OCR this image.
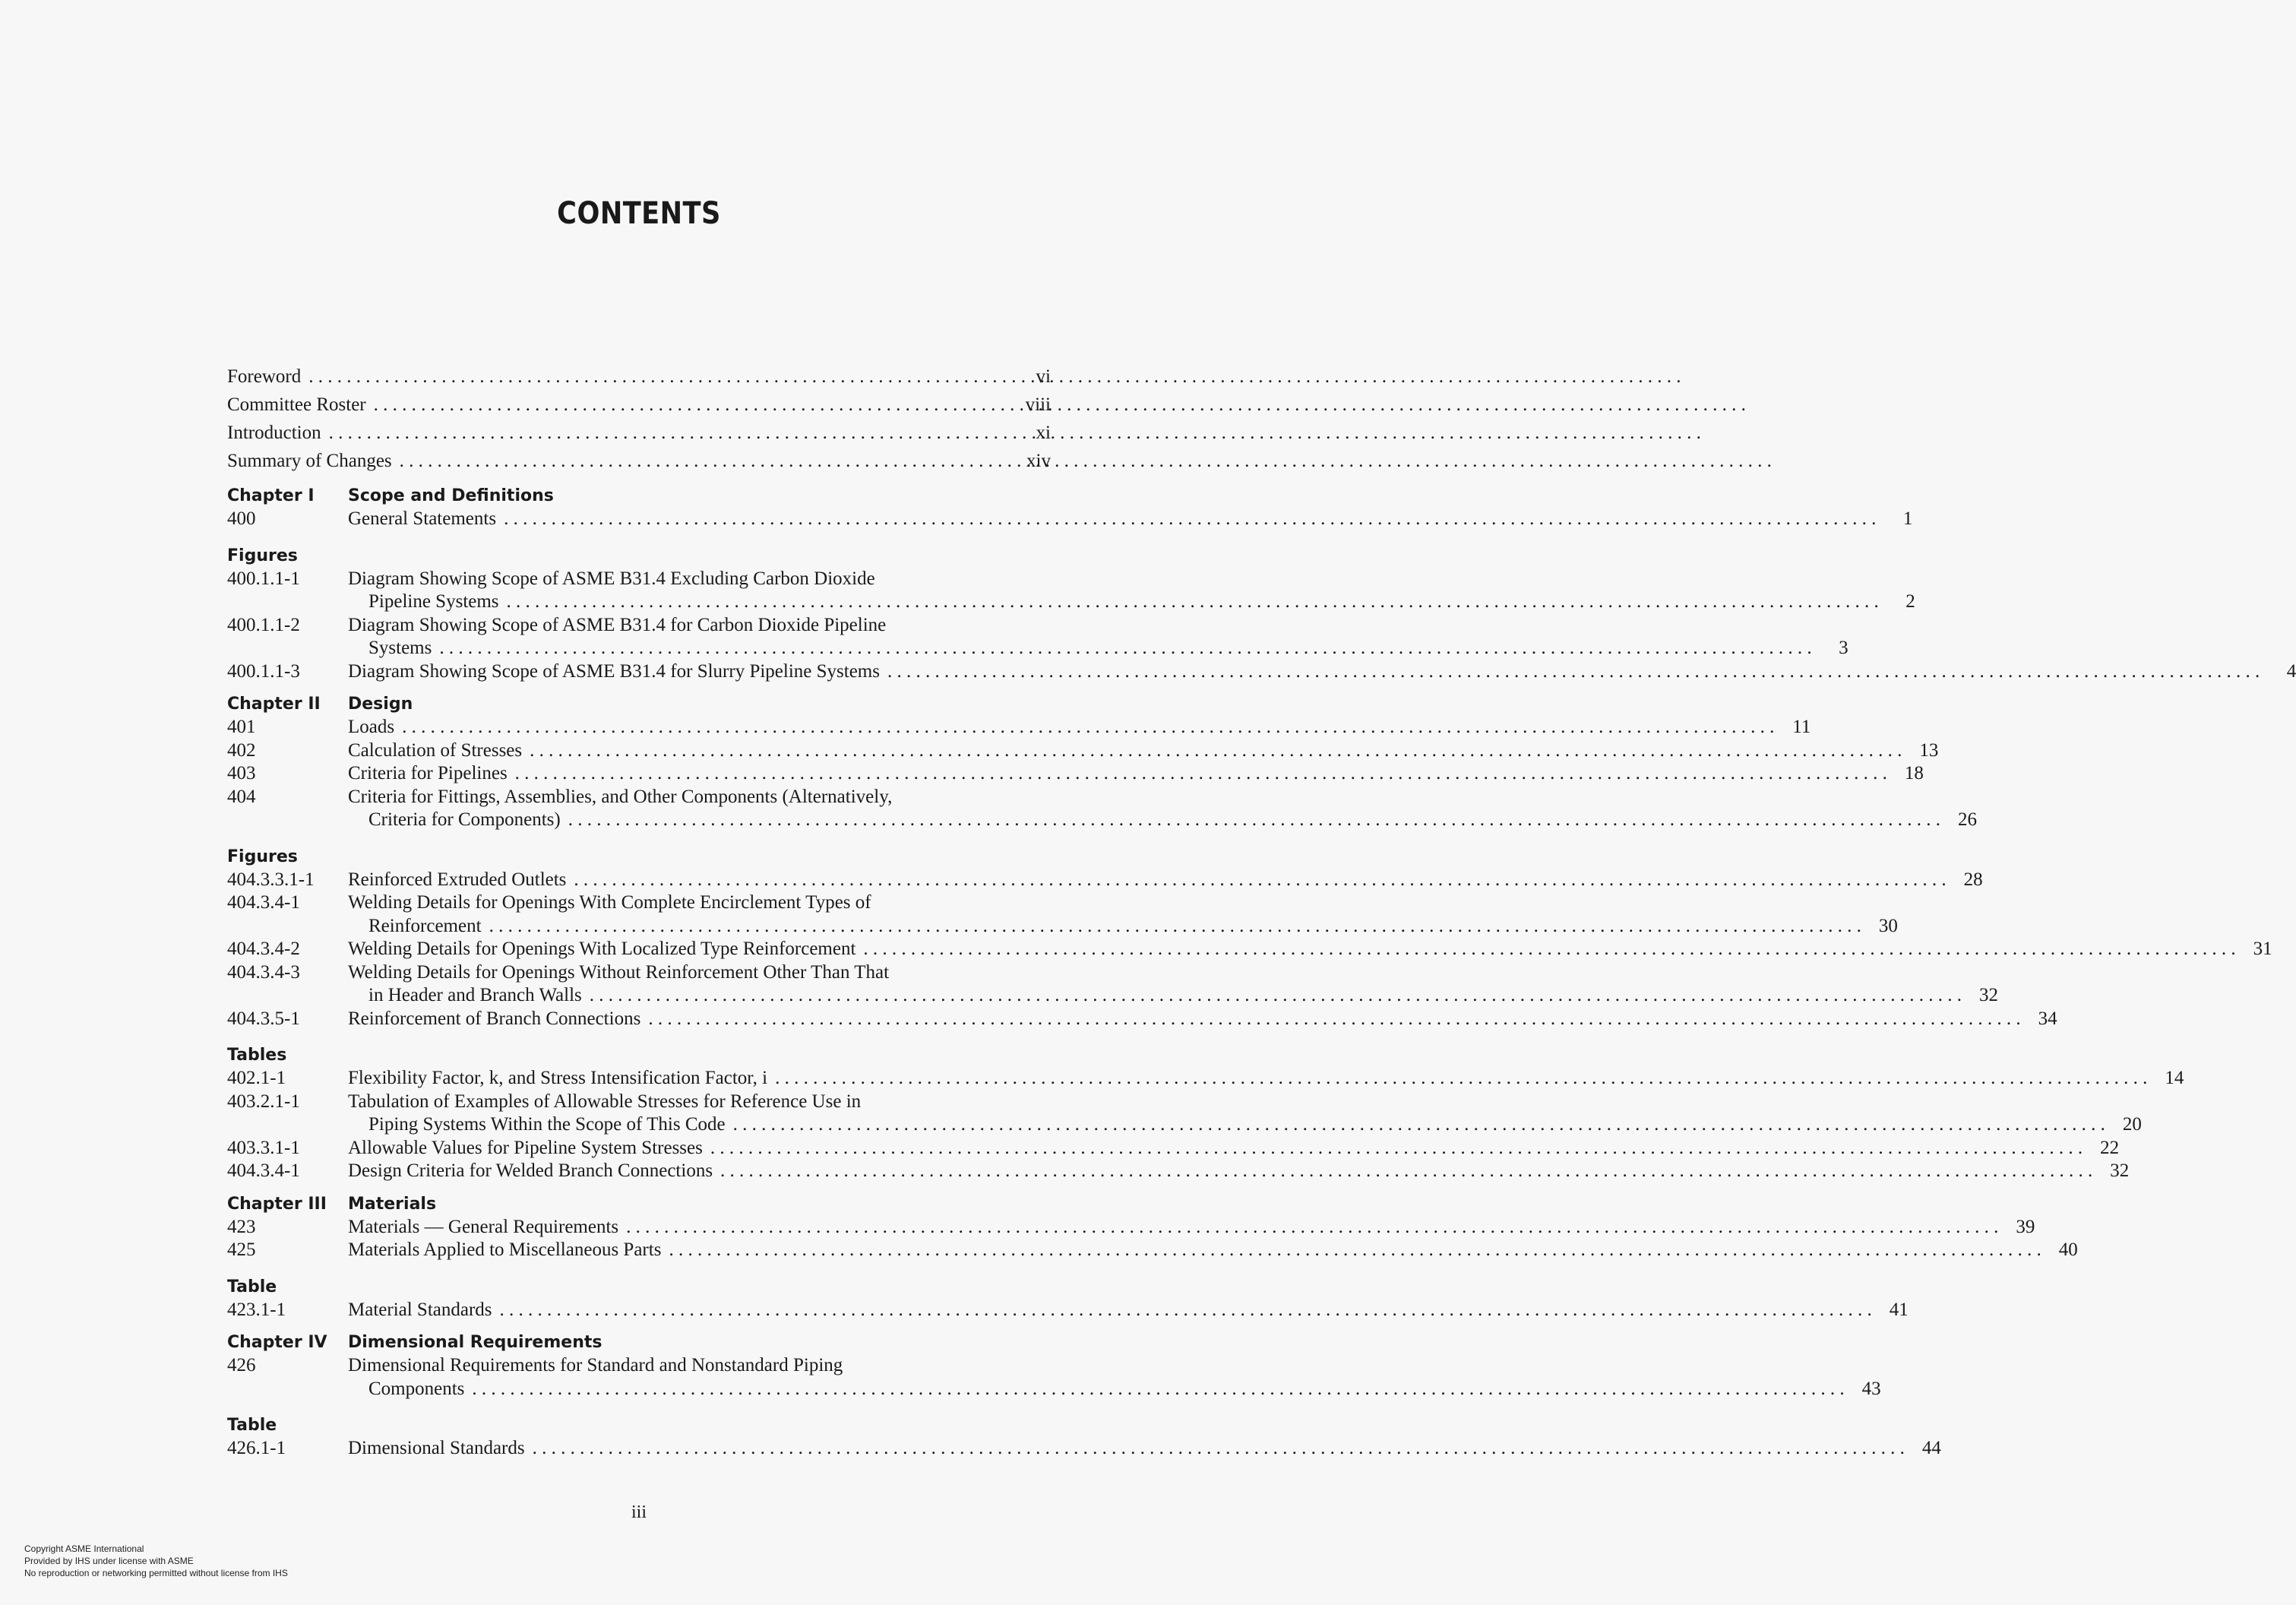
CONTENTS
Foreword . . .	vi
Committee Roster . . .	viii
Introduction . . .	xi
Summary of Changes . . .	xiv
Chapter I	Scope and Definitions
400	General Statements . . .	1
Figures
400.1.1-1	Diagram Showing Scope of ASME B31.4 Excluding Carbon Dioxide
Pipeline Systems . . .	2
400.1.1-2	Diagram Showing Scope of ASME B31.4 for Carbon Dioxide Pipeline
Systems . . .	3
400.1.1-3	Diagram Showing Scope of ASME B31.4 for Slurry Pipeline Systems . . .	4
Chapter II	Design
401	Loads . . .	11
402	Calculation of Stresses . . .	13
403	Criteria for Pipelines . . .	18
404	Criteria for Fittings, Assemblies, and Other Components (Alternatively,
Criteria for Components) . . .	26
Figures
404.3.3.1-1	Reinforced Extruded Outlets . . .	28
404.3.4-1	Welding Details for Openings With Complete Encirclement Types of
Reinforcement . . .	30
404.3.4-2	Welding Details for Openings With Localized Type Reinforcement . . .	31
404.3.4-3	Welding Details for Openings Without Reinforcement Other Than That
in Header and Branch Walls . . .	32
404.3.5-1	Reinforcement of Branch Connections . . .	34
Tables
402.1-1	Flexibility Factor, k, and Stress Intensification Factor, i . . .	14
403.2.1-1	Tabulation of Examples of Allowable Stresses for Reference Use in
Piping Systems Within the Scope of This Code . . .	20
403.3.1-1	Allowable Values for Pipeline System Stresses . . .	22
404.3.4-1	Design Criteria for Welded Branch Connections . . .	32
Chapter III	Materials
423	Materials — General Requirements . . .	39
425	Materials Applied to Miscellaneous Parts . . .	40
Table
423.1-1	Material Standards . . .	41
Chapter IV	Dimensional Requirements
426	Dimensional Requirements for Standard and Nonstandard Piping
Components . . .	43
Table
426.1-1	Dimensional Standards . . .	44
iii
Copyright ASME International
Provided by IHS under license with ASME
No reproduction or networking permitted without license from IHS
